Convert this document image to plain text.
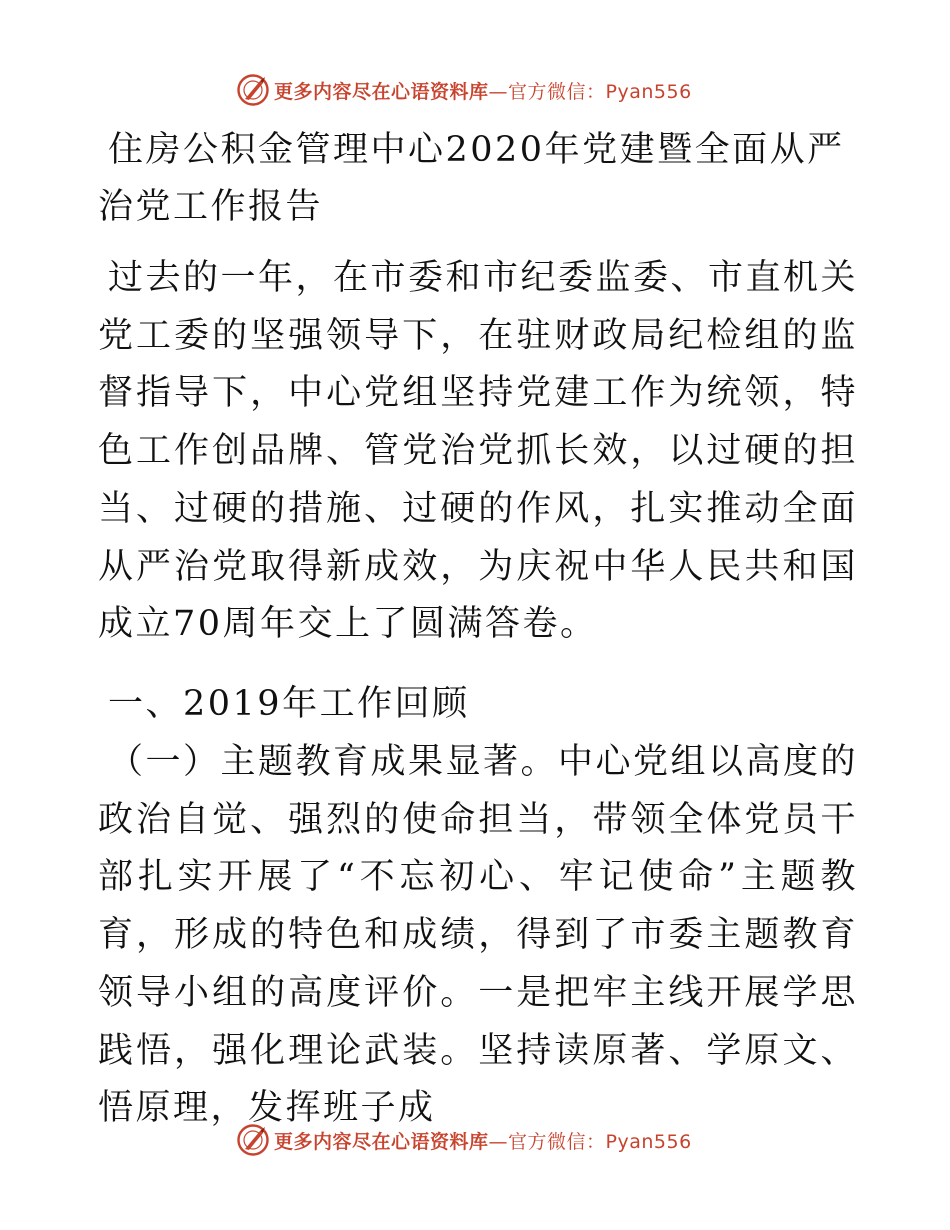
更多内容尽在心语资料库—官方微信：Pyan556
住房公积金管理中心2020年党建暨全面从严治党工作报告

过去的一年，在市委和市纪委监委、市直机关党工委的坚强领导下，在驻财政局纪检组的监督指导下，中心党组坚持党建工作为统领，特色工作创品牌、管党治党抓长效，以过硬的担当、过硬的措施、过硬的作风，扎实推动全面从严治党取得新成效，为庆祝中华人民共和国成立70周年交上了圆满答卷。

一、2019年工作回顾

（一）主题教育成果显著。中心党组以高度的政治自觉、强烈的使命担当，带领全体党员干部扎实开展了“不忘初心、牢记使命”主题教育，形成的特色和成绩，得到了市委主题教育领导小组的高度评价。一是把牢主线开展学思践悟，强化理论武装。坚持读原著、学原文、悟原理，发挥班子成

更多内容尽在心语资料库—官方微信：Pyan556
